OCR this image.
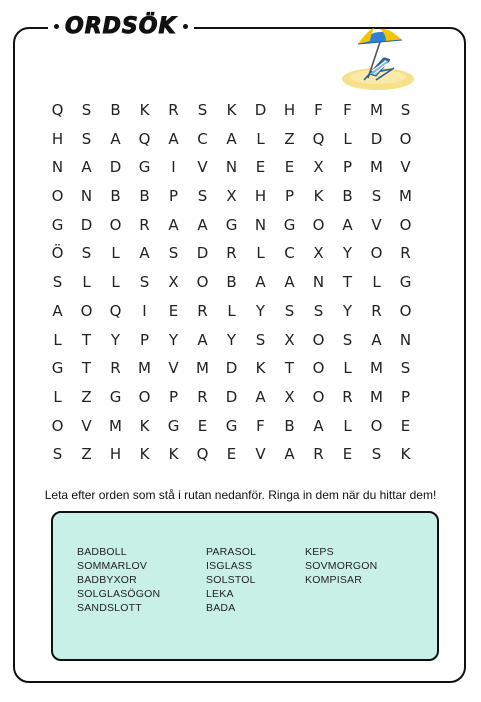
ORDSÖK
Q	S	B	K	R	S	K	D	H	F	F	M	S
H	S	A	Q	A	C	A	L	Z	Q	L	D	O
N	A	D	G	I	V	N	E	E	X	P	M	V
O	N	B	B	P	S	X	H	P	K	B	S	M
G	D	O	R	A	A	G	N	G	O	A	V	O
Ö	S	L	A	S	D	R	L	C	X	Y	O	R
S	L	L	S	X	O	B	A	A	N	T	L	G
A	O	Q	I	E	R	L	Y	S	S	Y	R	O
L	T	Y	P	Y	A	Y	S	X	O	S	A	N
G	T	R	M	V	M	D	K	T	O	L	M	S
L	Z	G	O	P	R	D	A	X	O	R	M	P
O	V	M	K	G	E	G	F	B	A	L	O	E
S	Z	H	K	K	Q	E	V	A	R	E	S	K
Leta efter orden som stå i rutan nedanför. Ringa in dem när du hittar dem!
BADBOLL
SOMMARLOV
BADBYXOR
SOLGLASÖGON
SANDSLOTT
PARASOL
ISGLASS
SOLSTOL
LEKA
BADA
KEPS
SOVMORGON
KOMPISAR
